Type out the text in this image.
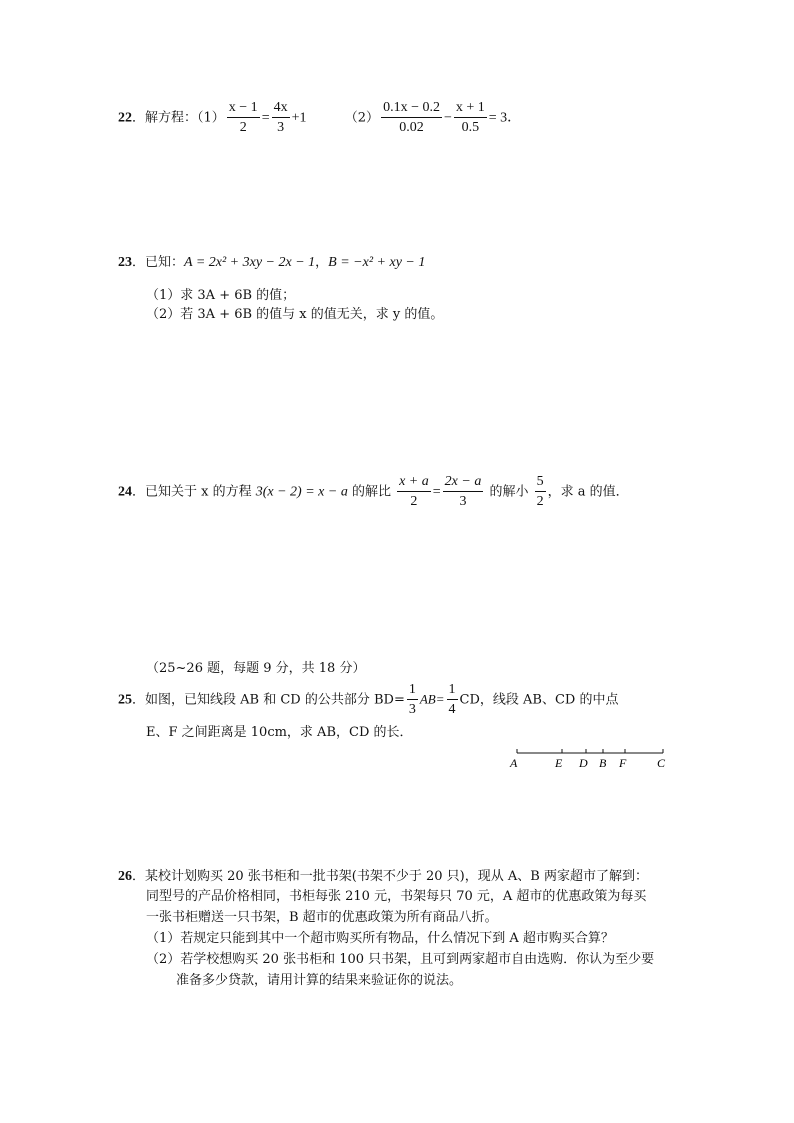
22．解方程：$(1) \frac{x - 1}{2} = \frac{4x}{3} +1$	$(2) \frac{0.1x - 0.2}{0.02} - \frac{x + 1}{0.5} = 3$．
23．已知：A = 2x² + 3xy − 2x − 1，B = −x² + xy − 1
（1）求 3A + 6B 的值；
（2）若 3A + 6B 的值与 x 的值无关，求 y 的值。
24．已知关于 x 的方程 3(x − 2) = x − a 的解比 $\frac{x + a}{2} = \frac{2x - a}{3}$ 的解小 $\frac{5}{2}$ ，求 a 的值．
（25~26 题，每题 9 分，共 18 分）
25．如图，已知线段 AB 和 CD 的公共部分 $BD= \frac{1}{3} AB= \frac{1}{4}$ CD，线段 AB、CD 的中点
E、F 之间距离是 10cm，求 AB，CD 的长．
A	E D B F	C
26．某校计划购买 20 张书柜和一批书架(书架不少于 20 只)，现从 A、B 两家超市了解到：
同型号的产品价格相同，书柜每张 210 元，书架每只 70 元，A 超市的优惠政策为每买
一张书柜赠送一只书架，B 超市的优惠政策为所有商品八折。
（1）若规定只能到其中一个超市购买所有物品，什么情况下到 A 超市购买合算？
（2）若学校想购买 20 张书柜和 100 只书架，且可到两家超市自由选购．你认为至少要
准备多少贷款，请用计算的结果来验证你的说法。
